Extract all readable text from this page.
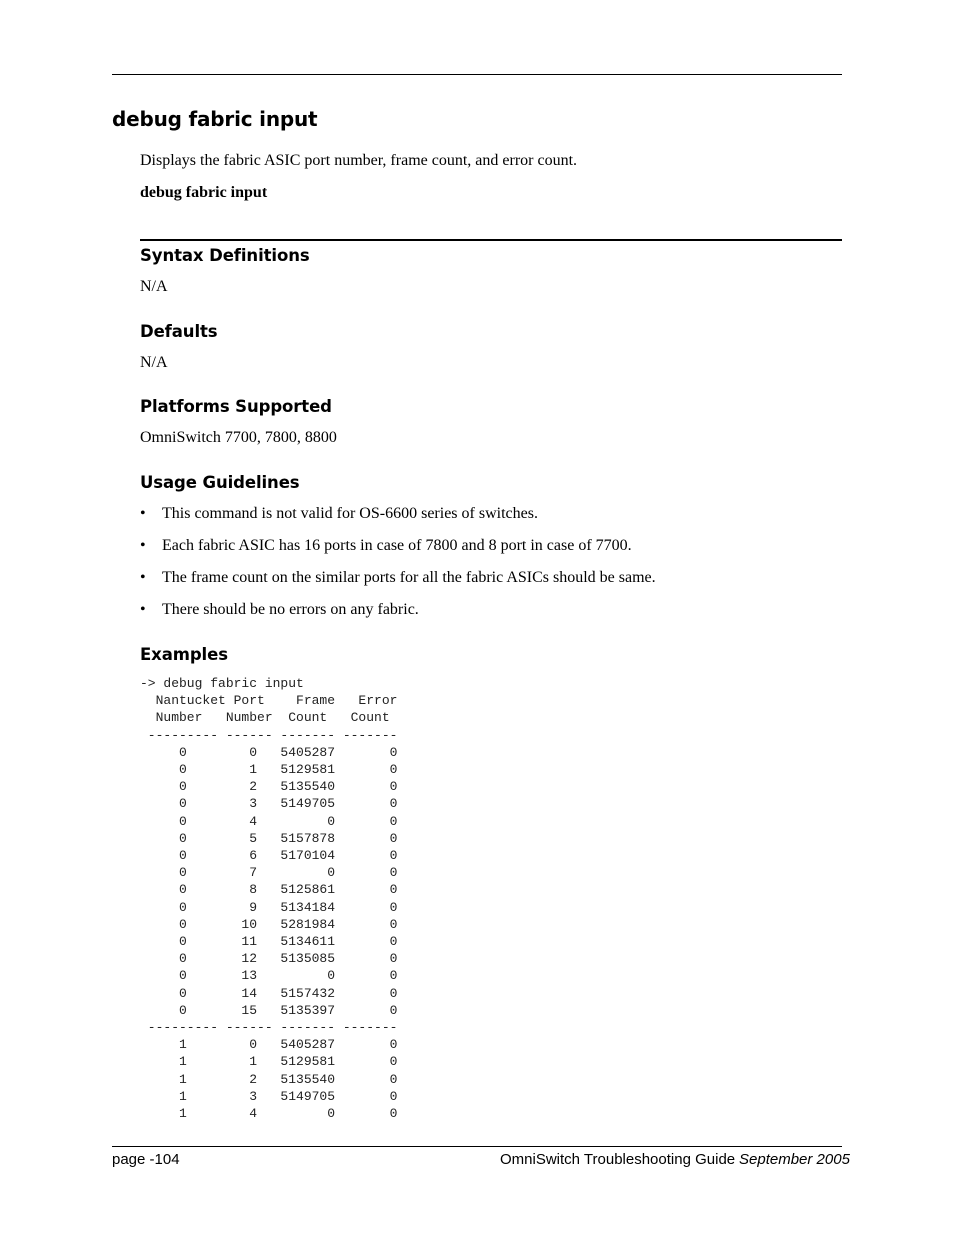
debug fabric input

Displays the fabric ASIC port number, frame count, and error count.

debug fabric input

Syntax Definitions

N/A

Defaults

N/A

Platforms Supported

OmniSwitch 7700, 7800, 8800

Usage Guidelines
• This command is not valid for OS-6600 series of switches.
• Each fabric ASIC has 16 ports in case of 7800 and 8 port in case of 7700.
• The frame count on the similar ports for all the fabric ASICs should be same.
• There should be no errors on any fabric.
Examples
-> debug fabric input
Nantucket Port    Frame   Error
Number   Number  Count   Count
--------- ------ ------- -------
0        0   5405287       0
0        1   5129581       0
0        2   5135540       0
0        3   5149705       0
0        4         0       0
0        5   5157878       0
0        6   5170104       0
0        7         0       0
0        8   5125861       0
0        9   5134184       0
0       10   5281984       0
0       11   5134611       0
0       12   5135085       0
0       13         0       0
0       14   5157432       0
0       15   5135397       0
--------- ------ ------- -------
1        0   5405287       0
1        1   5129581       0
1        2   5135540       0
1        3   5149705       0
1        4         0       0
page -104	OmniSwitch Troubleshooting Guide September 2005
